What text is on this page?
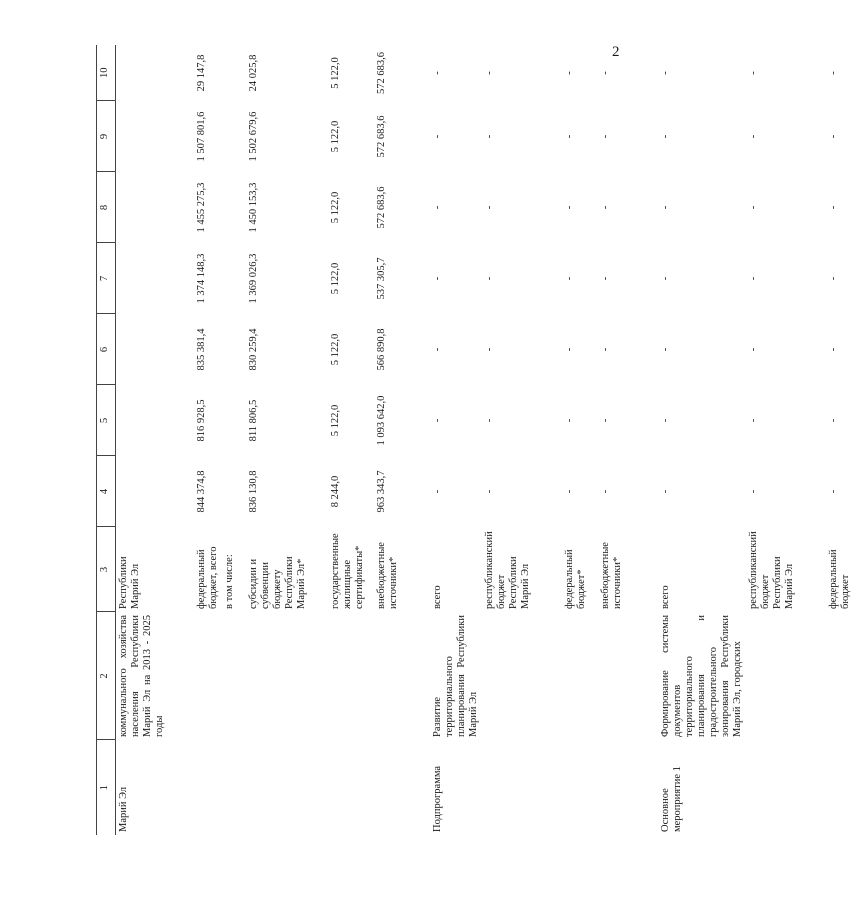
2
1	2	3	4	5	6	7	8	9	10
Марий Эл	коммунального хозяйства населения Республики Марий Эл на 2013 - 2025 годы	Республики Марий Эл							
		федеральный бюджет, всего	844 374,8	816 928,5	835 381,4	1 374 148,3	1 455 275,3	1 507 801,6	29 147,8
		в том числе:							
		субсидии и субвенции бюджету Республики Марий Эл*	836 130,8	811 806,5	830 259,4	1 369 026,3	1 450 153,3	1 502 679,6	24 025,8
		государственные жилищные сертификаты*	8 244,0	5 122,0	5 122,0	5 122,0	5 122,0	5 122,0	5 122,0
		внебюджетные источники*	963 343,7	1 093 642,0	566 890,8	537 305,7	572 683,6	572 683,6	572 683,6
Подпрограмма	Развитие территориального планирования Республики Марий Эл	всего	-	-	-	-	-	-	-
		республиканский бюджет Республики Марий Эл	-	-	-	-	-	-	-
		федеральный бюджет*	-	-	-	-	-	-	-
		внебюджетные источники*	-	-	-	-	-	-	-
Основное мероприятие 1	Формирование системы документов территориального планирования и градостроительного зонирования Республики Марий Эл, городских	всего	-	-	-	-	-	-	-
		республиканский бюджет Республики Марий Эл	-	-	-	-	-	-	-
		федеральный бюджет	-	-	-	-	-	-	-
